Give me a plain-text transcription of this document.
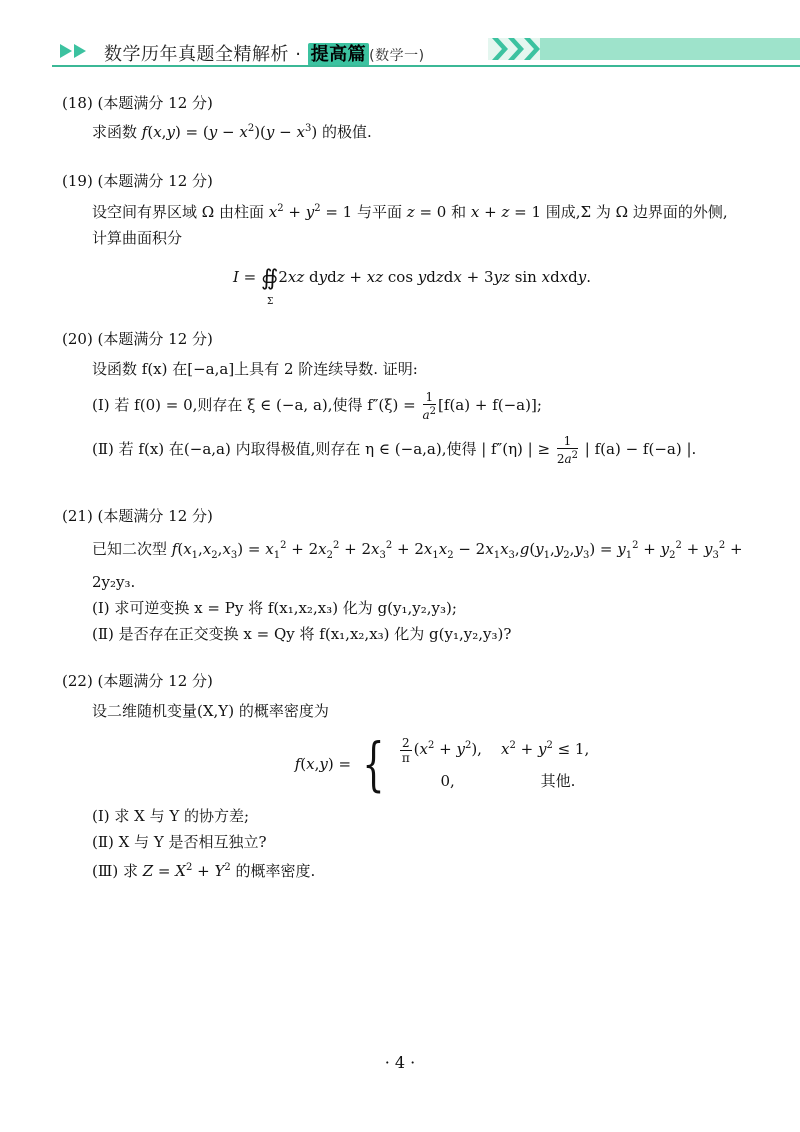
数学历年真题全精解析 · 提高篇 (数学一)
(18) (本题满分 12 分)
求函数 $f(x,y) = (y - x^2)(y - x^3)$ 的极值.
(19) (本题满分 12 分)
设空间有界区域 Ω 由柱面 $x^2 + y^2 = 1$ 与平面 z = 0 和 x + z = 1 围成,Σ 为 Ω 边界面的外侧,
计算曲面积分
I = ∯
Σ
2xz dydz + xz cos ydzdx + 3yz sin xdxdy.
(20) (本题满分 12 分)
设函数 f(x) 在[−a,a]上具有 2 阶连续导数. 证明:
(Ⅰ) 若 f(0) = 0,则存在 ξ ∈ (−a, a),使得 $f''(\xi) = \frac{1}{a^2} [f(a) + f(-a)]$;
(Ⅱ) 若 f(x) 在(−a,a) 内取得极值,则存在 η ∈ (−a,a),使得 | f″(η) | ≥ $\frac{1}{2a^2}$ | f(a) − f(−a) |.
(21) (本题满分 12 分)
已知二次型 $f(x_1,x_2,x_3) = x_1^2 + 2x_2^2 + 2x_3^2 + 2x_1x_2 - 2x_1x_3,g(y_1,y_2,y_3) = y_1^2 + y_2^2 + y_3^2$ +
2y₂y₃.
(Ⅰ) 求可逆变换 x = Py 将 f(x₁,x₂,x₃) 化为 g(y₁,y₂,y₃);
(Ⅱ) 是否存在正交变换 x = Qy 将 f(x₁,x₂,x₃) 化为 g(y₁,y₂,y₃)?
(22) (本题满分 12 分)
设二维随机变量(X,Y) 的概率密度为
f(x,y) = { $\frac{2}{\pi} (x^2 + y^2)$,    $x^2 + y^2 \le 1$,
0,	其他.
(Ⅰ) 求 X 与 Y 的协方差;
(Ⅱ) X 与 Y 是否相互独立?
(Ⅲ) 求 $Z = X^2 + Y^2$ 的概率密度.
· 4 ·
